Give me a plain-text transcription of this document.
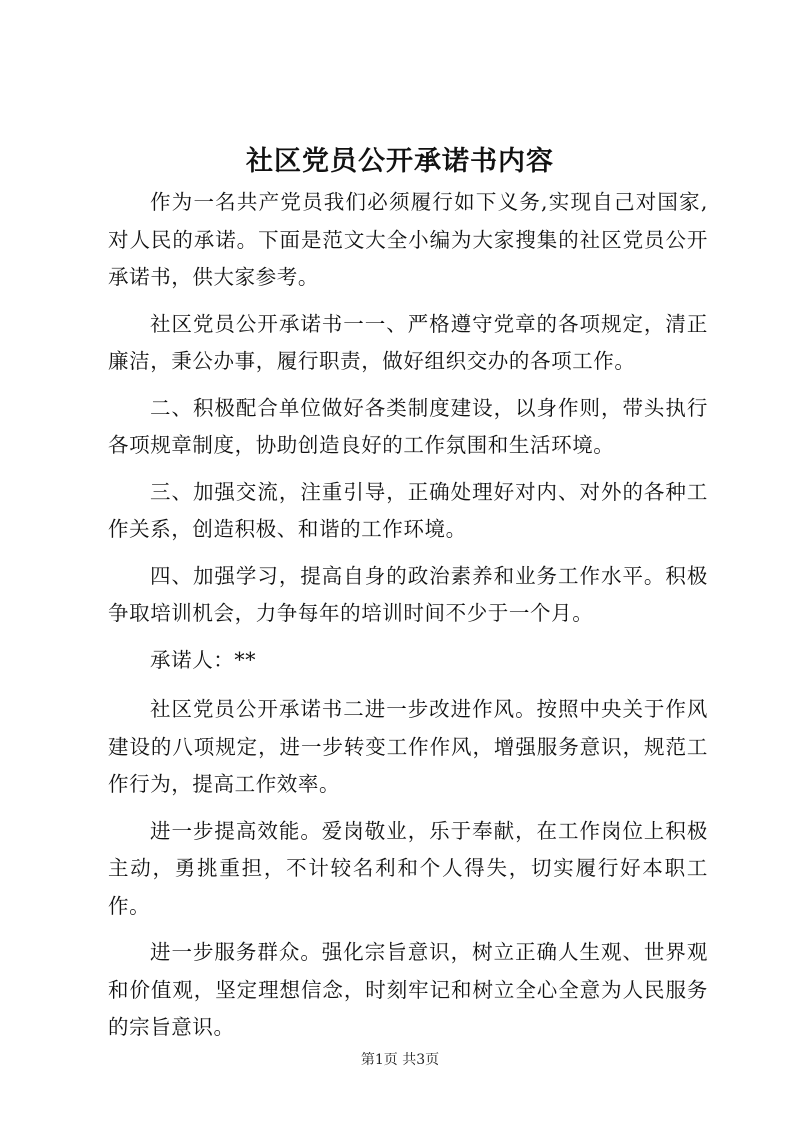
社区党员公开承诺书内容

作为一名共产党员我们必须履行如下义务,实现自己对国家,对人民的承诺。下面是范文大全小编为大家搜集的社区党员公开承诺书，供大家参考。

社区党员公开承诺书一一、严格遵守党章的各项规定，清正廉洁，秉公办事，履行职责，做好组织交办的各项工作。

二、积极配合单位做好各类制度建设，以身作则，带头执行各项规章制度，协助创造良好的工作氛围和生活环境。

三、加强交流，注重引导，正确处理好对内、对外的各种工作关系，创造积极、和谐的工作环境。

四、加强学习，提高自身的政治素养和业务工作水平。积极争取培训机会，力争每年的培训时间不少于一个月。

承诺人：**

社区党员公开承诺书二进一步改进作风。按照中央关于作风建设的八项规定，进一步转变工作作风，增强服务意识，规范工作行为，提高工作效率。

进一步提高效能。爱岗敬业，乐于奉献，在工作岗位上积极主动，勇挑重担，不计较名利和个人得失，切实履行好本职工作。

进一步服务群众。强化宗旨意识，树立正确人生观、世界观和价值观，坚定理想信念，时刻牢记和树立全心全意为人民服务的宗旨意识。

第1页 共3页
